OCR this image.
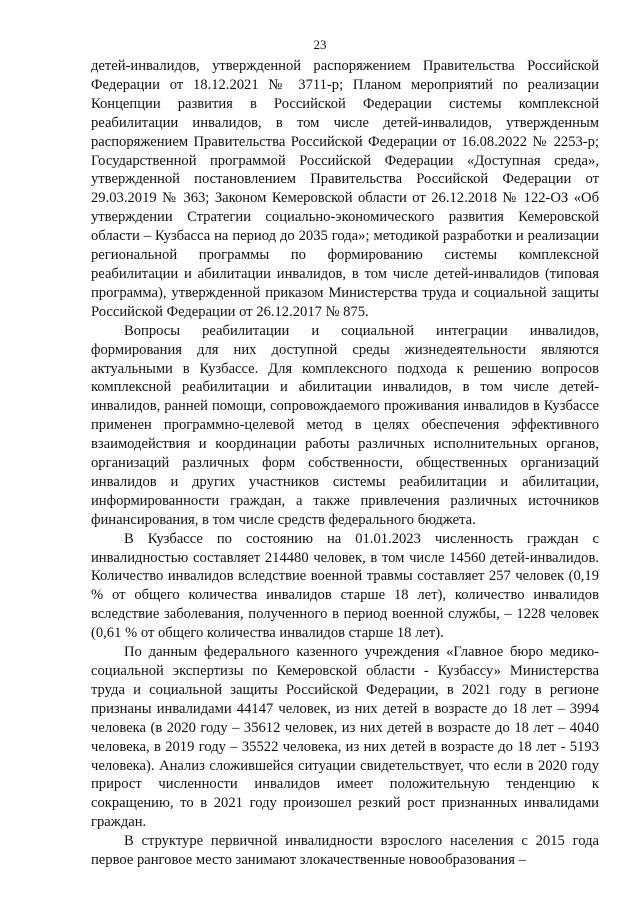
23

детей-инвалидов, утвержденной распоряжением Правительства Российской Федерации от 18.12.2021 № 3711-р; Планом мероприятий по реализации Концепции развития в Российской Федерации системы комплексной реабилитации инвалидов, в том числе детей-инвалидов, утвержденным распоряжением Правительства Российской Федерации от 16.08.2022 № 2253-р; Государственной программой Российской Федерации «Доступная среда», утвержденной постановлением Правительства Российской Федерации от 29.03.2019 № 363; Законом Кемеровской области от 26.12.2018 № 122-ОЗ «Об утверждении Стратегии социально-экономического развития Кемеровской области – Кузбасса на период до 2035 года»; методикой разработки и реализации региональной программы по формированию системы комплексной реабилитации и абилитации инвалидов, в том числе детей-инвалидов (типовая программа), утвержденной приказом Министерства труда и социальной защиты Российской Федерации от 26.12.2017 № 875.

Вопросы реабилитации и социальной интеграции инвалидов, формирования для них доступной среды жизнедеятельности являются актуальными в Кузбассе. Для комплексного подхода к решению вопросов комплексной реабилитации и абилитации инвалидов, в том числе детей-инвалидов, ранней помощи, сопровождаемого проживания инвалидов в Кузбассе применен программно-целевой метод в целях обеспечения эффективного взаимодействия и координации работы различных исполнительных органов, организаций различных форм собственности, общественных организаций инвалидов и других участников системы реабилитации и абилитации, информированности граждан, а также привлечения различных источников финансирования, в том числе средств федерального бюджета.

В Кузбассе по состоянию на 01.01.2023 численность граждан с инвалидностью составляет 214480 человек, в том числе 14560 детей-инвалидов. Количество инвалидов вследствие военной травмы составляет 257 человек (0,19 % от общего количества инвалидов старше 18 лет), количество инвалидов вследствие заболевания, полученного в период военной службы, – 1228 человек (0,61 % от общего количества инвалидов старше 18 лет).

По данным федерального казенного учреждения «Главное бюро медико-социальной экспертизы по Кемеровской области - Кузбассу» Министерства труда и социальной защиты Российской Федерации, в 2021 году в регионе признаны инвалидами 44147 человек, из них детей в возрасте до 18 лет – 3994 человека (в 2020 году – 35612 человек, из них детей в возрасте до 18 лет – 4040 человека, в 2019 году – 35522 человека, из них детей в возрасте до 18 лет - 5193 человека). Анализ сложившейся ситуации свидетельствует, что если в 2020 году прирост численности инвалидов имеет положительную тенденцию к сокращению, то в 2021 году произошел резкий рост признанных инвалидами граждан.

В структуре первичной инвалидности взрослого населения с 2015 года первое ранговое место занимают злокачественные новообразования –
